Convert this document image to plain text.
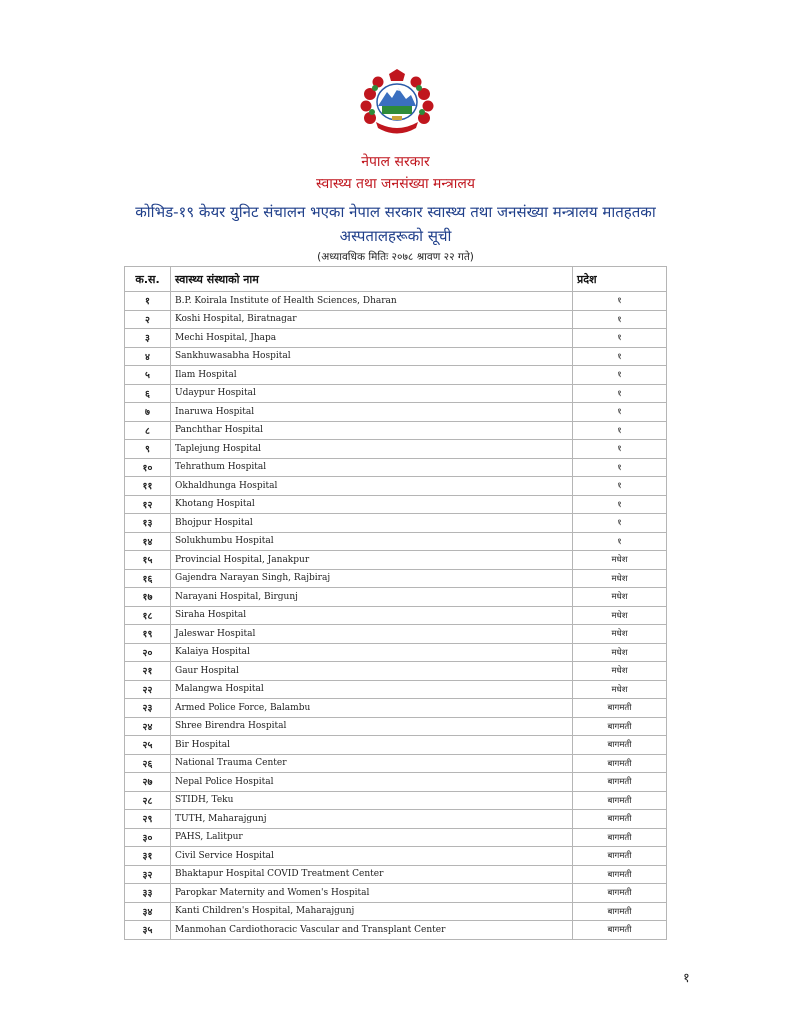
नेपाल सरकार
स्वास्थ्य तथा जनसंख्या मन्त्रालय
कोभिड-१९ केयर युनिट संचालन भएका नेपाल सरकार स्वास्थ्य तथा जनसंख्या मन्त्रालय मातहतका
अस्पतालहरूको सूची
(अध्यावधिक मितिः २०७८ श्रावण २२ गते)
क.स.	स्वास्थ्य संस्थाको नाम	प्रदेश
१	B.P. Koirala Institute of Health Sciences, Dharan	१
२	Koshi Hospital, Biratnagar	१
३	Mechi Hospital, Jhapa	१
४	Sankhuwasabha Hospital	१
५	Ilam Hospital	१
६	Udaypur Hospital	१
७	Inaruwa Hospital	१
८	Panchthar Hospital	१
९	Taplejung Hospital	१
१०	Tehrathum Hospital	१
११	Okhaldhunga Hospital	१
१२	Khotang Hospital	१
१३	Bhojpur Hospital	१
१४	Solukhumbu Hospital	१
१५	Provincial Hospital, Janakpur	मधेश
१६	Gajendra Narayan Singh, Rajbiraj	मधेश
१७	Narayani Hospital, Birgunj	मधेश
१८	Siraha Hospital	मधेश
१९	Jaleswar Hospital	मधेश
२०	Kalaiya Hospital	मधेश
२१	Gaur Hospital	मधेश
२२	Malangwa Hospital	मधेश
२३	Armed Police Force, Balambu	बागमती
२४	Shree Birendra Hospital	बागमती
२५	Bir Hospital	बागमती
२६	National Trauma Center	बागमती
२७	Nepal Police Hospital	बागमती
२८	STIDH, Teku	बागमती
२९	TUTH, Maharajgunj	बागमती
३०	PAHS, Lalitpur	बागमती
३१	Civil Service Hospital	बागमती
३२	Bhaktapur Hospital COVID Treatment Center	बागमती
३३	Paropkar Maternity and Women's Hospital	बागमती
३४	Kanti Children's Hospital, Maharajgunj	बागमती
३५	Manmohan Cardiothoracic Vascular and Transplant Center	बागमती
१
